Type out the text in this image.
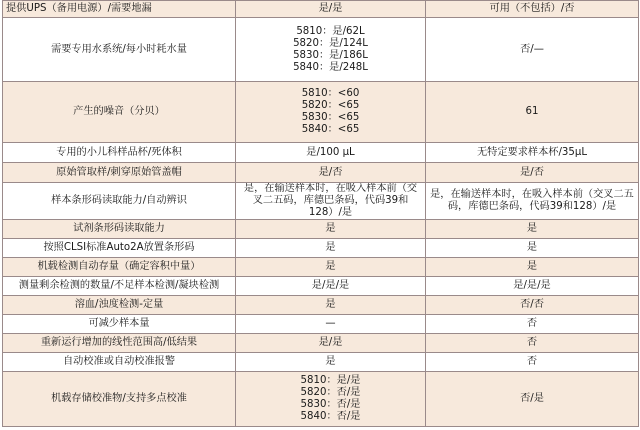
提供UPS（备用电源）/需要地漏	是/是	可用（不包括）/否
需要专用水系统/每小时耗水量	5810：是/62L
5820：是/124L
5830：是/186L
5840：是/248L	否/—
产生的噪音（分贝）	5810：<60
5820：<65
5830：<65
5840：<65	61
专用的小儿科样品杯/死体积	是/100 μL	无特定要求样本杯/35μL
原始管取样/刺穿原始管盖帽	是/否	是/否
样本条形码读取能力/自动辨识	是，在输送样本时，在吸入样本前（交叉二五码，库德巴条码，代码39和128）/是	是，在输送样本时，在吸入样本前（交叉二五码，库德巴条码，代码39和128）/是
试剂条形码读取能力	是	是
按照CLSI标准Auto2A放置条形码	是	是
机载检测自动存量（确定容积中量）	是	是
测量剩余检测的数量/不足样本检测/凝块检测	是/是/是	是/是/是
溶血/浊度检测-定量	是	否/否
可减少样本量	—	否
重新运行增加的线性范围高/低结果	是/是	否
自动校准或自动校准报警	是	否
机载存储校准物/支持多点校准	5810：是/是
5820：否/是
5830：否/是
5840：否/是	否/是
